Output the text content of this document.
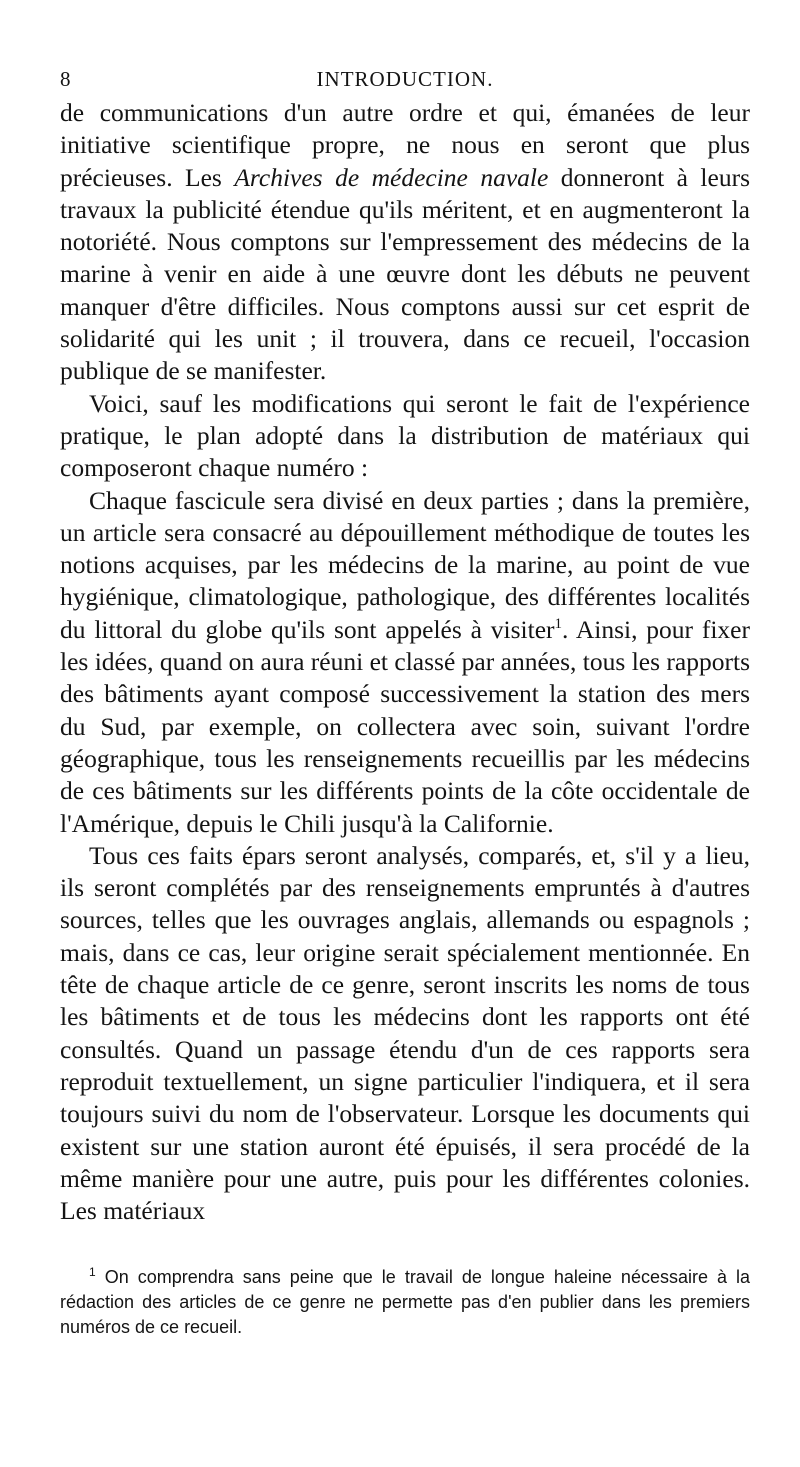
8	INTRODUCTION.

de communications d'un autre ordre et qui, émanées de leur initiative scientifique propre, ne nous en seront que plus précieuses. Les Archives de médecine navale donneront à leurs travaux la publicité étendue qu'ils méritent, et en augmenteront la notoriété. Nous comptons sur l'empressement des médecins de la marine à venir en aide à une œuvre dont les débuts ne peuvent manquer d'être difficiles. Nous comptons aussi sur cet esprit de solidarité qui les unit ; il trouvera, dans ce recueil, l'occasion publique de se manifester.

Voici, sauf les modifications qui seront le fait de l'expérience pratique, le plan adopté dans la distribution de matériaux qui composeront chaque numéro :

Chaque fascicule sera divisé en deux parties ; dans la première, un article sera consacré au dépouillement méthodique de toutes les notions acquises, par les médecins de la marine, au point de vue hygiénique, climatologique, pathologique, des différentes localités du littoral du globe qu'ils sont appelés à visiter$^1$. Ainsi, pour fixer les idées, quand on aura réuni et classé par années, tous les rapports des bâtiments ayant composé successivement la station des mers du Sud, par exemple, on collectera avec soin, suivant l'ordre géographique, tous les renseignements recueillis par les médecins de ces bâtiments sur les différents points de la côte occidentale de l'Amérique, depuis le Chili jusqu'à la Californie.

Tous ces faits épars seront analysés, comparés, et, s'il y a lieu, ils seront complétés par des renseignements empruntés à d'autres sources, telles que les ouvrages anglais, allemands ou espagnols ; mais, dans ce cas, leur origine serait spécialement mentionnée. En tête de chaque article de ce genre, seront inscrits les noms de tous les bâtiments et de tous les médecins dont les rapports ont été consultés. Quand un passage étendu d'un de ces rapports sera reproduit textuellement, un signe particulier l'indiquera, et il sera toujours suivi du nom de l'observateur. Lorsque les documents qui existent sur une station auront été épuisés, il sera procédé de la même manière pour une autre, puis pour les différentes colonies. Les matériaux

$^1$ On comprendra sans peine que le travail de longue haleine nécessaire à la rédaction des articles de ce genre ne permette pas d'en publier dans les premiers numéros de ce recueil.
